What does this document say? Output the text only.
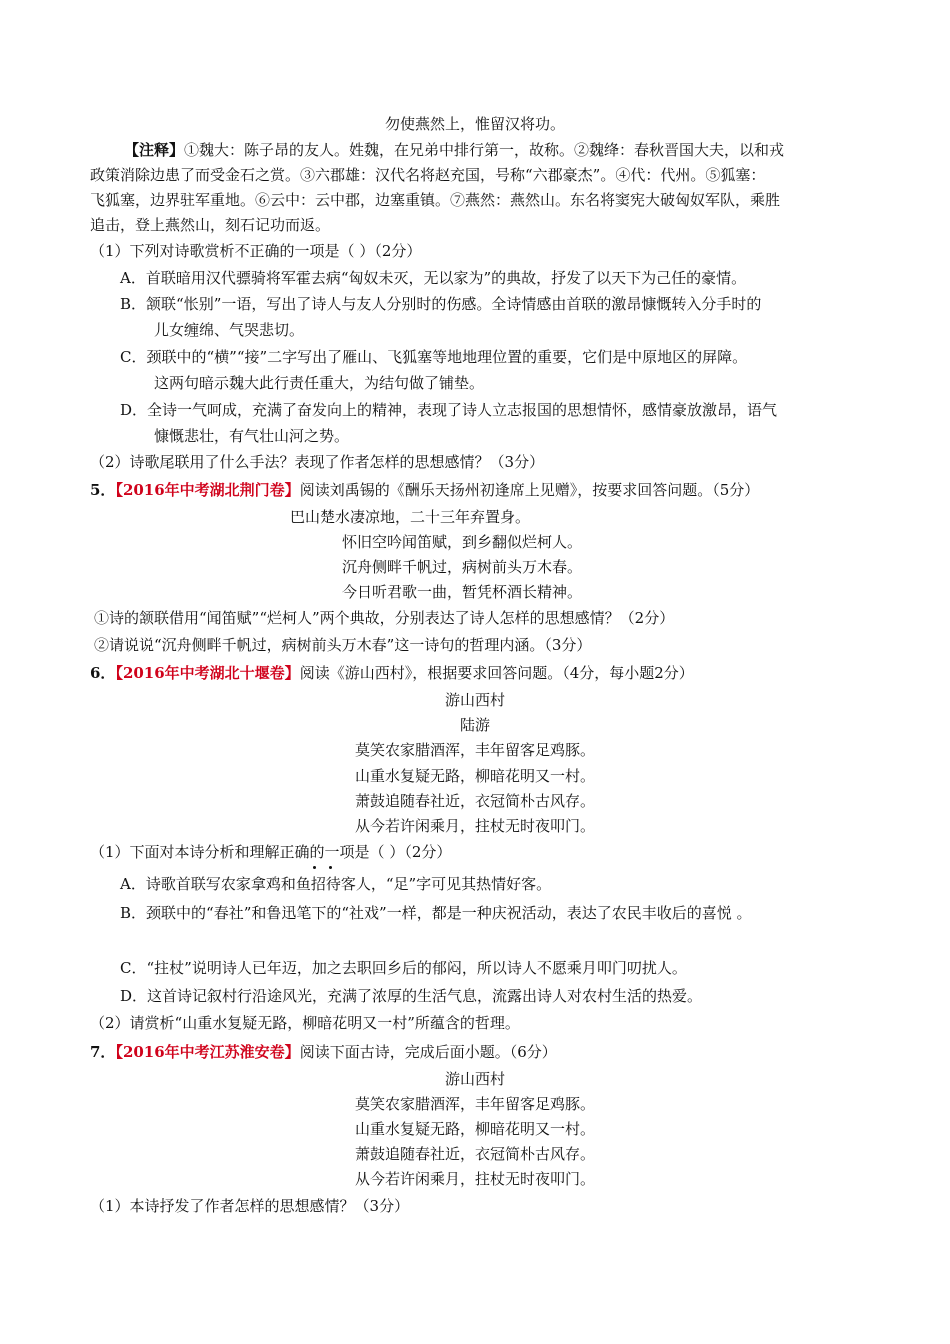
勿使燕然上，惟留汉将功。
【注释】①魏大：陈子昂的友人。姓魏，在兄弟中排行第一，故称。②魏绛：春秋晋国大夫，以和戎
政策消除边患了而受金石之赏。③六郡雄：汉代名将赵充国，号称“六郡豪杰”。④代：代州。⑤狐塞：
飞狐塞，边界驻军重地。⑥云中：云中郡，边塞重镇。⑦燕然：燕然山。东名将窦宪大破匈奴军队，乘胜
追击，登上燕然山，刻石记功而返。
（1）下列对诗歌赏析不正确的一项是（ ）（2分）
A．首联暗用汉代骠骑将军霍去病“匈奴未灭，无以家为”的典故，抒发了以天下为己任的豪情。
B．颔联“怅别”一语，写出了诗人与友人分别时的伤感。全诗情感由首联的激昂慷慨转入分手时的
儿女缠绵、气哭悲切。
C．颈联中的“横”“接”二字写出了雁山、飞狐塞等地地理位置的重要，它们是中原地区的屏障。
这两句暗示魏大此行责任重大，为结句做了铺垫。
D．全诗一气呵成，充满了奋发向上的精神，表现了诗人立志报国的思想情怀，感情豪放激昂，语气
慷慨悲壮，有气壮山河之势。
（2）诗歌尾联用了什么手法？表现了作者怎样的思想感情？（3分）
5．【2016年中考湖北荆门卷】阅读刘禹锡的《酬乐天扬州初逢席上见赠》，按要求回答问题。（5分）
巴山楚水凄凉地，二十三年弃置身。
怀旧空吟闻笛赋，到乡翻似烂柯人。
沉舟侧畔千帆过，病树前头万木春。
今日听君歌一曲，暂凭杯酒长精神。
①诗的颔联借用“闻笛赋”“烂柯人”两个典故，分别表达了诗人怎样的思想感情？（2分）
②请说说“沉舟侧畔千帆过，病树前头万木春”这一诗句的哲理内涵。（3分）
6．【2016年中考湖北十堰卷】阅读《游山西村》，根据要求回答问题。（4分，每小题2分）
游山西村
陆游
莫笑农家腊酒浑，丰年留客足鸡豚。
山重水复疑无路，柳暗花明又一村。
萧鼓追随春社近，衣冠简朴古风存。
从今若许闲乘月，拄杖无时夜叩门。
（1）下面对本诗分析和理解正确的一项是（ ）（2分）
A．诗歌首联写农家拿鸡和鱼招待客人，“足”字可见其热情好客。
B．颈联中的“春社”和鲁迅笔下的“社戏”一样，都是一种庆祝活动，表达了农民丰收后的喜悦 。
C．“拄杖”说明诗人已年迈，加之去职回乡后的郁闷，所以诗人不愿乘月叩门叨扰人。
D．这首诗记叙村行沿途风光，充满了浓厚的生活气息，流露出诗人对农村生活的热爱。
（2）请赏析“山重水复疑无路，柳暗花明又一村”所蕴含的哲理。
7．【2016年中考江苏淮安卷】阅读下面古诗，完成后面小题。（6分）
游山西村
莫笑农家腊酒浑，丰年留客足鸡豚。
山重水复疑无路，柳暗花明又一村。
萧鼓追随春社近，衣冠简朴古风存。
从今若许闲乘月，拄杖无时夜叩门。
（1）本诗抒发了作者怎样的思想感情？（3分）
